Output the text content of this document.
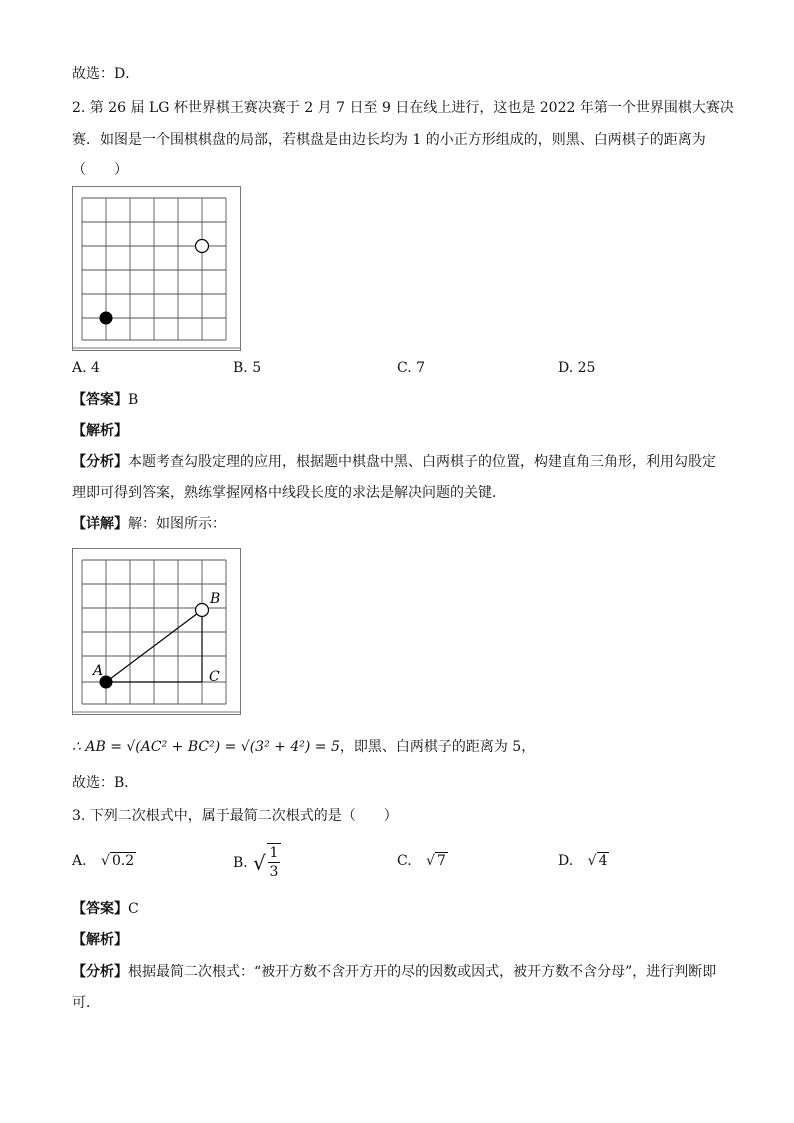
故选：D．
2. 第 26 届 LG 杯世界棋王赛决赛于 2 月 7 日至 9 日在线上进行，这也是 2022 年第一个世界围棋大赛决
赛．如图是一个围棋棋盘的局部，若棋盘是由边长均为 1 的小正方形组成的，则黑、白两棋子的距离为
（　　）
A. 4	B. 5	C. 7	D. 25
【答案】B
【解析】
【分析】本题考查勾股定理的应用，根据题中棋盘中黑、白两棋子的位置，构建直角三角形，利用勾股定
理即可得到答案，熟练掌握网格中线段长度的求法是解决问题的关键．
【详解】解：如图所示：
A
B
C
∴ AB = √(AC² + BC²) = √(3² + 4²) = 5，即黑、白两棋子的距离为 5，
故选：B．
3. 下列二次根式中，属于最简二次根式的是（　　）
A. √ 0.2	B. √ 1
3
C. √ 7	D. √ 4
【答案】C
【解析】
【分析】根据最简二次根式：“被开方数不含开方开的尽的因数或因式，被开方数不含分母”，进行判断即
可．
